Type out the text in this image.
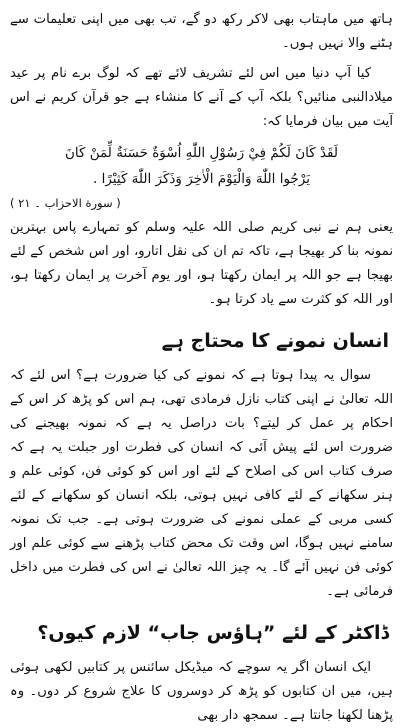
ہاتھ میں ماہتاب بھی لاکر رکھ دو گے، تب بھی میں اپنی تعلیمات سے ہٹنے والا نہیں ہوں۔

کیا آپ دنیا میں اس لئے تشریف لائے تھے کہ لوگ برے نام پر عید میلادالنبی منائیں؟ بلکہ آپ کے آنے کا منشاء ہے جو قرآن کریم نے اس آیت میں بیان فرمایا کہ:

لَقَدْ كَانَ لَكُمْ فِيْ رَسُوْلِ اللّٰهِ اُسْوَةٌ حَسَنَةٌ لِّمَنْ كَانَ
يَرْجُوا اللّٰهَ وَالْيَوْمَ الْاٰخِرَ وَذَكَرَ اللّٰهَ كَثِيْرًا .
( سورة الاحزاب ۔ ۲۱ )

یعنی ہم نے نبی کریم صلی اللہ علیہ وسلم کو تمہارے پاس بہترین نمونہ بنا کر بھیجا ہے، تاکہ تم ان کی نقل اتارو، اور اس شخص کے لئے بھیجا ہے جو اللہ پر ایمان رکھتا ہو، اور یوم آخرت پر ایمان رکھتا ہو، اور اللہ کو کثرت سے یاد کرتا ہو۔

انسان نمونے کا محتاج ہے

سوال یہ پیدا ہوتا ہے کہ نمونے کی کیا ضرورت ہے؟ اس لئے کہ اللہ تعالیٰ نے اپنی کتاب نازل فرمادی تھی، ہم اس کو پڑھ کر اس کے احکام پر عمل کر لیتے؟ بات دراصل یہ ہے کہ نمونہ بھیجنے کی ضرورت اس لئے پیش آئی کہ انسان کی فطرت اور جبلت یہ ہے کہ صرف کتاب اس کی اصلاح کے لئے اور اس کو کوئی فن، کوئی علم و ہنر سکھانے کے لئے کافی نہیں ہوتی، بلکہ انسان کو سکھانے کے لئے کسی مربی کے عملی نمونے کی ضرورت ہوتی ہے۔ جب تک نمونہ سامنے نہیں ہوگا، اس وقت تک محض کتاب پڑھنے سے کوئی علم اور کوئی فن نہیں آئے گا۔ یہ چیز اللہ تعالیٰ نے اس کی فطرت میں داخل فرمائی ہے۔

ڈاکٹر کے لئے ”ہاؤس جاب“ لازم کیوں؟

ایک انسان اگر یہ سوچے کہ میڈیکل سائنس پر کتابیں لکھی ہوئی ہیں، میں ان کتابوں کو پڑھ کر دوسروں کا علاج شروع کر دوں۔ وہ پڑھنا لکھنا جانتا ہے۔ سمجھ دار بھی
